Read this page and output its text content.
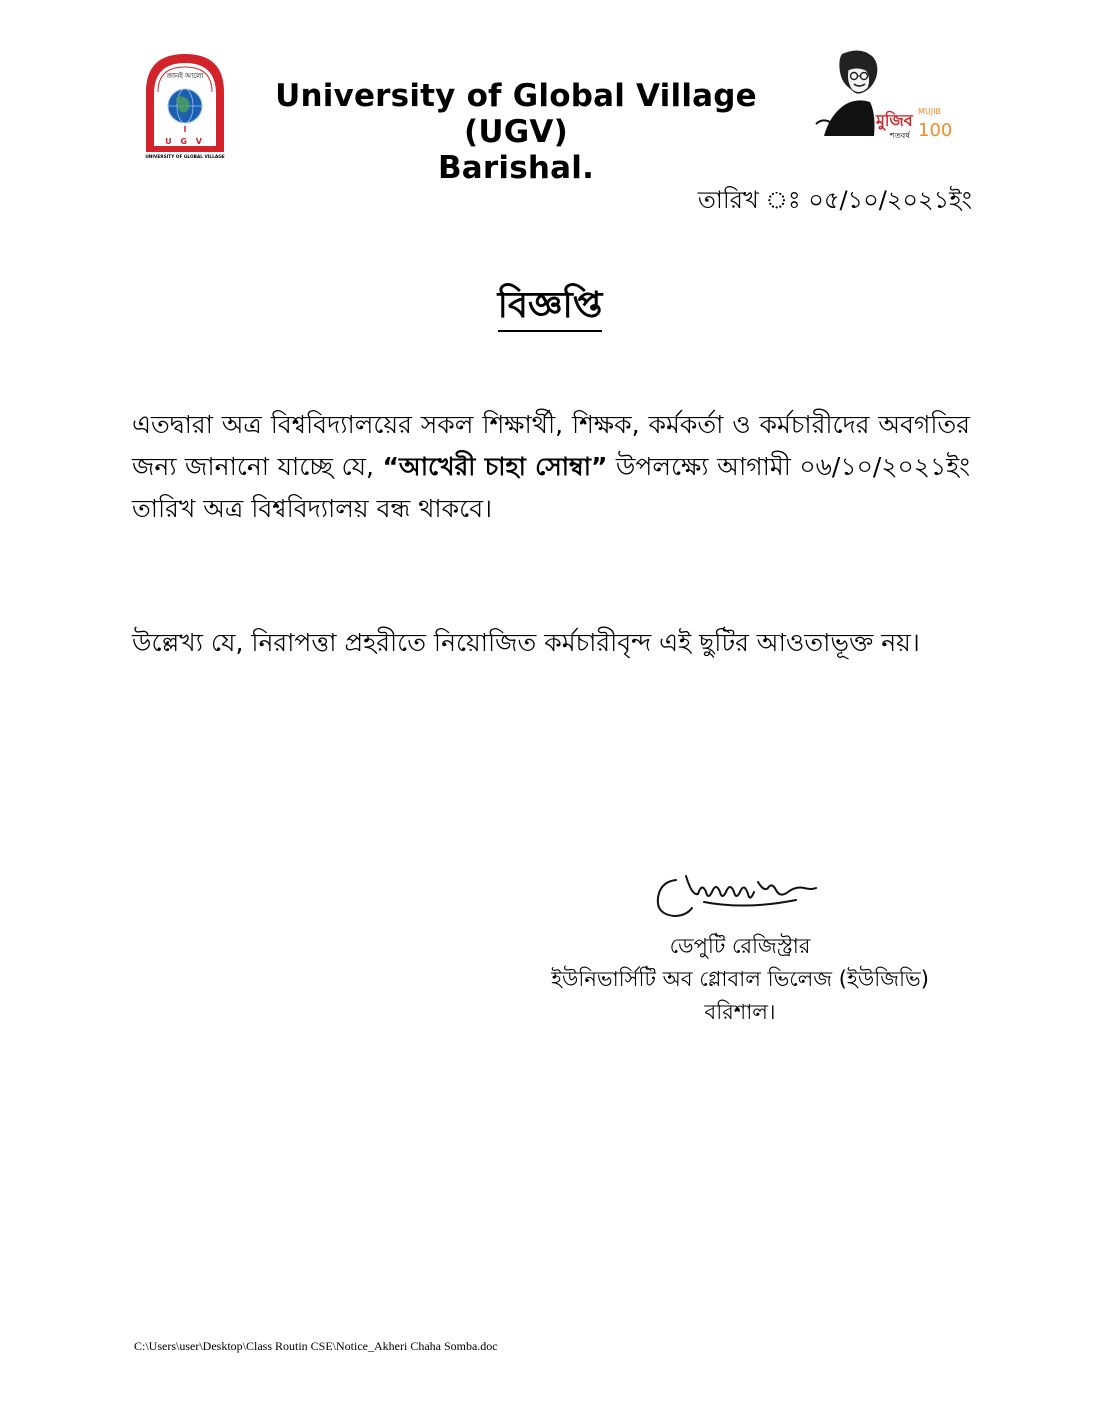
জানই আলো
U G V
UNIVERSITY OF GLOBAL VILLAGE
University of Global Village (UGV)
Barishal.
মুজিব
শতবর্ষ
MUJIB
100
তারিখ ঃ ০৫/১০/২০২১ইং
বিজ্ঞপ্তি
এতদ্বারা অত্র বিশ্ববিদ্যালয়ের সকল শিক্ষার্থী, শিক্ষক, কর্মকর্তা ও কর্মচারীদের অবগতির জন্য জানানো যাচ্ছে যে, “আখেরী চাহা সোম্বা” উপলক্ষ্যে আগামী ০৬/১০/২০২১ইং তারিখ অত্র বিশ্ববিদ্যালয় বন্ধ থাকবে।
উল্লেখ্য যে, নিরাপত্তা প্রহরীতে নিয়োজিত কর্মচারীবৃন্দ এই ছুটির আওতাভূক্ত নয়।
ডেপুটি রেজিস্ট্রার
ইউনিভার্সিটি অব গ্লোবাল ভিলেজ (ইউজিভি)
বরিশাল।
C:\Users\user\Desktop\Class Routin CSE\Notice_Akheri Chaha Somba.doc
